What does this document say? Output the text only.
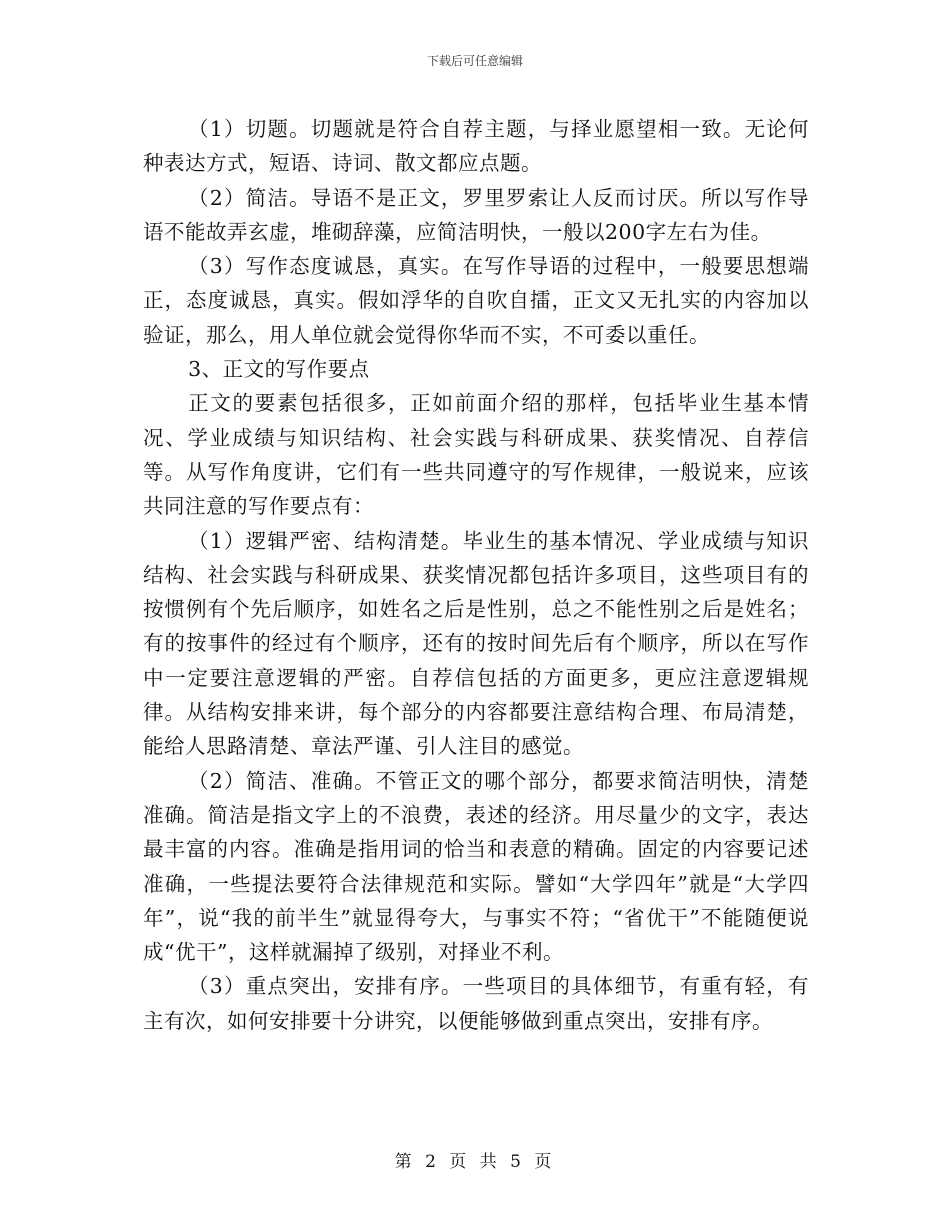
下载后可任意编辑

（1）切题。切题就是符合自荐主题，与择业愿望相一致。无论何种表达方式，短语、诗词、散文都应点题。

（2）简洁。导语不是正文，罗里罗索让人反而讨厌。所以写作导语不能故弄玄虚，堆砌辞藻，应简洁明快，一般以200字左右为佳。

（3）写作态度诚恳，真实。在写作导语的过程中，一般要思想端正，态度诚恳，真实。假如浮华的自吹自擂，正文又无扎实的内容加以验证，那么，用人单位就会觉得你华而不实，不可委以重任。

3、正文的写作要点

正文的要素包括很多，正如前面介绍的那样，包括毕业生基本情况、学业成绩与知识结构、社会实践与科研成果、获奖情况、自荐信等。从写作角度讲，它们有一些共同遵守的写作规律，一般说来，应该共同注意的写作要点有：

（1）逻辑严密、结构清楚。毕业生的基本情况、学业成绩与知识结构、社会实践与科研成果、获奖情况都包括许多项目，这些项目有的按惯例有个先后顺序，如姓名之后是性别，总之不能性别之后是姓名；有的按事件的经过有个顺序，还有的按时间先后有个顺序，所以在写作中一定要注意逻辑的严密。自荐信包括的方面更多，更应注意逻辑规律。从结构安排来讲，每个部分的内容都要注意结构合理、布局清楚，能给人思路清楚、章法严谨、引人注目的感觉。

（2）简洁、准确。不管正文的哪个部分，都要求简洁明快，清楚准确。简洁是指文字上的不浪费，表述的经济。用尽量少的文字，表达最丰富的内容。准确是指用词的恰当和表意的精确。固定的内容要记述准确，一些提法要符合法律规范和实际。譬如“大学四年”就是“大学四年”，说“我的前半生”就显得夸大，与事实不符；“省优干”不能随便说成“优干”，这样就漏掉了级别，对择业不利。

（3）重点突出，安排有序。一些项目的具体细节，有重有轻，有主有次，如何安排要十分讲究，以便能够做到重点突出，安排有序。

第 2 页 共 5 页
